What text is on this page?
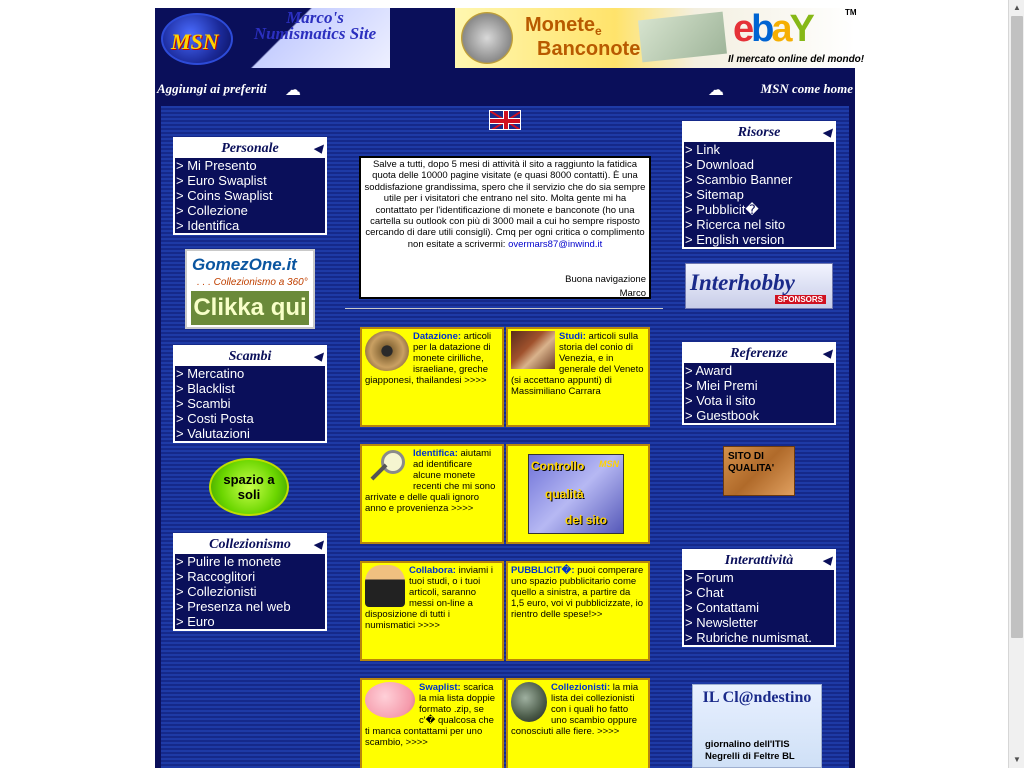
MSN
Marco's Numismatics Site	Monete e
Banconote ebaY	TM
Il mercato online del mondo!
Aggiungi ai preferiti ☁	☁	MSN come home
Personale	◀
> Mi Presento
> Euro Swaplist
> Coins Swaplist
> Collezione
> Identifica
GomezOne.it
. . . Collezionismo a 360°
Clikka qui
Scambi	◀
> Mercatino
> Blacklist
> Scambi
> Costi Posta
> Valutazioni
spazio a soli
Collezionismo ◀
> Pulire le monete
> Raccoglitori
> Collezionisti
> Presenza nel web
> Euro
Salve a tutti, dopo 5 mesi di attività il sito a raggiunto la fatidica quota delle 10000 pagine visitate (e quasi 8000 contatti). È una soddisfazione grandissima, spero che il servizio che do sia sempre utile per i visitatori che entrano nel sito. Molta gente mi ha contattato per l'identificazione di monete e banconote (ho una cartella su outlook con più di 3000 mail a cui ho sempre risposto cercando di dare utili consigli). Cmq per ogni critica o complimento non esitate a scrivermi: overmars87@inwind.it
Buona navigazione
Marco
Datazione: articoli per la datazione di monete cirilliche, israeliane, greche giapponesi, thailandesi >>>>
Studi: articoli sulla storia del conio di Venezia, e in generale del Veneto (si accettano appunti) di Massimiliano Carrara
Identifica: aiutami ad identificare alcune monete recenti che mi sono arrivate e delle quali ignoro anno e provenienza >>>>
Controllo
qualità
del sito
MSN
Collabora: inviami i tuoi studi, o i tuoi articoli, saranno messi on-line a disposizione di tutti i numismatici >>>>
PUBBLICIT�: puoi comperare uno spazio pubblicitario come quello a sinistra, a partire da 1,5 euro, voi vi pubblicizzate, io rientro delle spese!>>
Swaplist: scarica la mia lista doppie formato .zip, se c'� qualcosa che ti manca contattami per uno scambio, >>>>
Collezionisti: la mia lista dei collezionisti con i quali ho fatto uno scambio oppure conosciuti alle fiere. >>>>
Risorse	◀
> Link
> Download
> Scambio Banner
> Sitemap
> Pubblicit�
> Ricerca nel sito
> English version
Interhobby
SPONSORS
Referenze	◀
> Award
> Miei Premi
> Vota il sito
> Guestbook
SITO DI QUALITA'
Interattività	◀
> Forum
> Chat
> Contattami
> Newsletter
> Rubriche numismat.
IL Cl@ndestino
giornalino dell'ITIS Negrelli di Feltre BL
▲
▼
